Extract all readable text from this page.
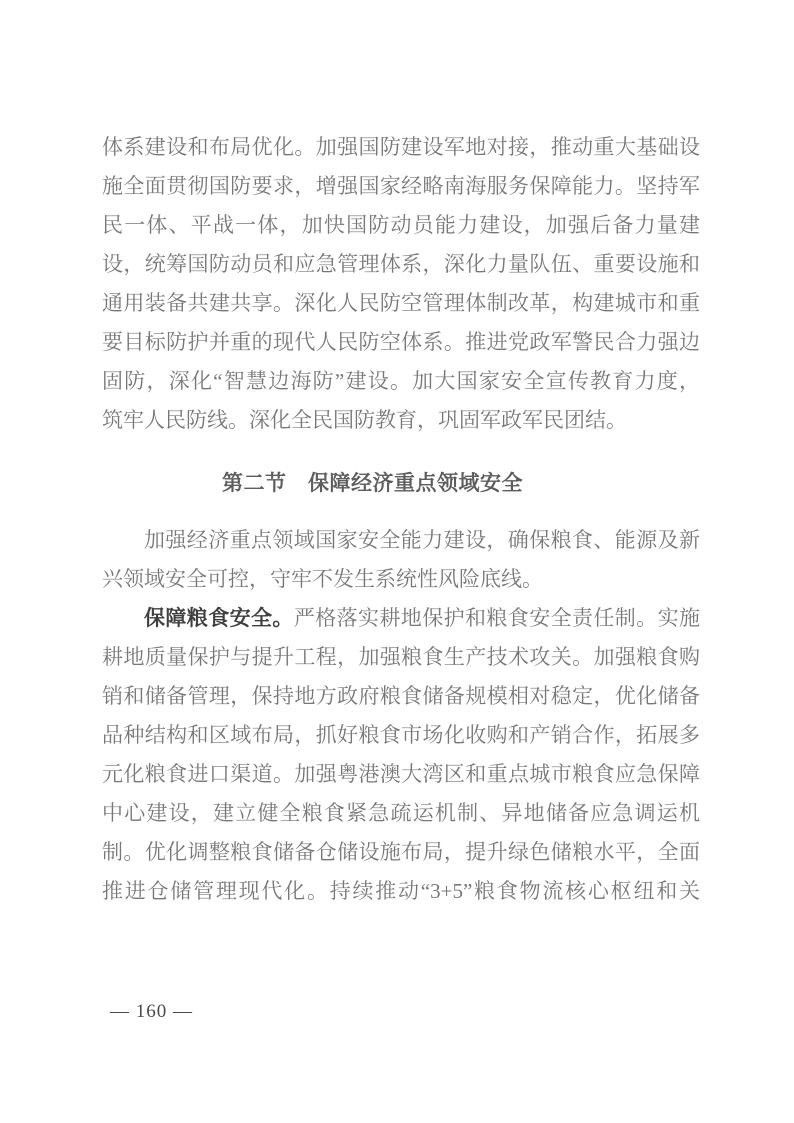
体系建设和布局优化。加强国防建设军地对接，推动重大基础设
施全面贯彻国防要求，增强国家经略南海服务保障能力。坚持军
民一体、平战一体，加快国防动员能力建设，加强后备力量建
设，统筹国防动员和应急管理体系，深化力量队伍、重要设施和
通用装备共建共享。深化人民防空管理体制改革，构建城市和重
要目标防护并重的现代人民防空体系。推进党政军警民合力强边
固防，深化“智慧边海防”建设。加大国家安全宣传教育力度，
筑牢人民防线。深化全民国防教育，巩固军政军民团结。
第二节　保障经济重点领域安全
加强经济重点领域国家安全能力建设，确保粮食、能源及新
兴领域安全可控，守牢不发生系统性风险底线。
保障粮食安全。严格落实耕地保护和粮食安全责任制。实施
耕地质量保护与提升工程，加强粮食生产技术攻关。加强粮食购
销和储备管理，保持地方政府粮食储备规模相对稳定，优化储备
品种结构和区域布局，抓好粮食市场化收购和产销合作，拓展多
元化粮食进口渠道。加强粤港澳大湾区和重点城市粮食应急保障
中心建设，建立健全粮食紧急疏运机制、异地储备应急调运机
制。优化调整粮食储备仓储设施布局，提升绿色储粮水平，全面
推进仓储管理现代化。持续推动“3+5”粮食物流核心枢纽和关
— 160 —
